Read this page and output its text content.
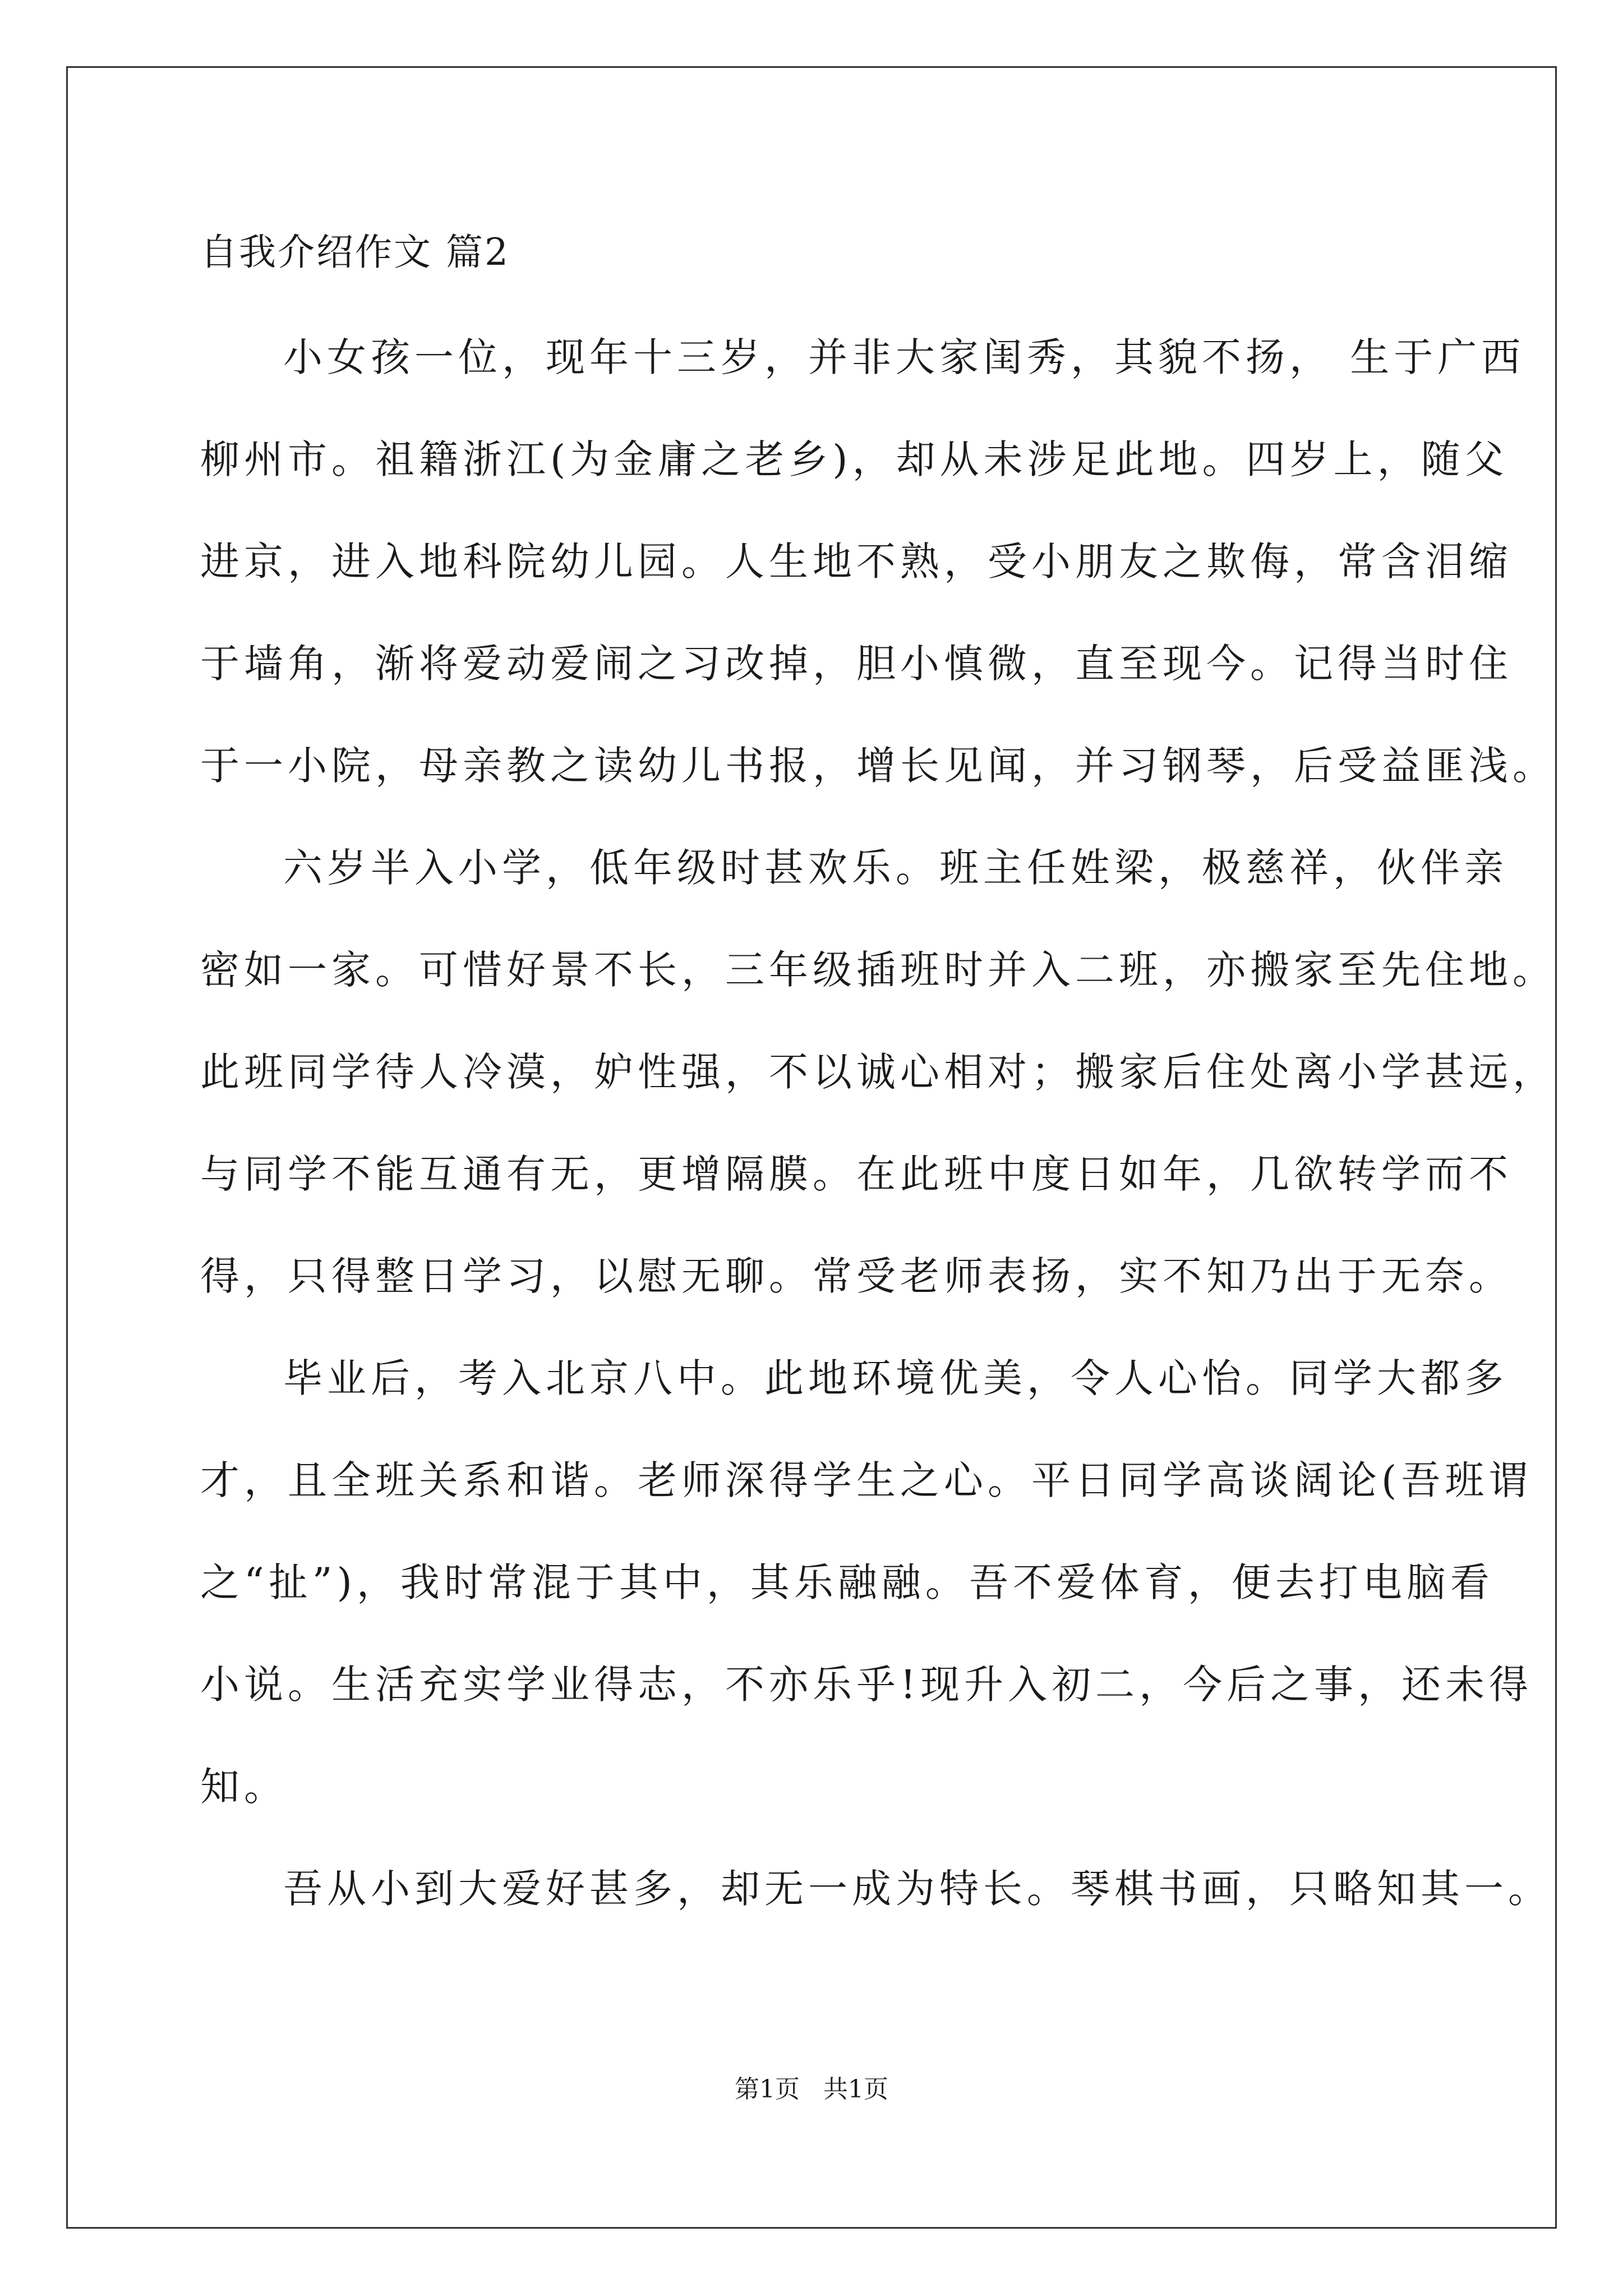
自我介绍作文 篇2
小女孩一位，现年十三岁，并非大家闺秀，其貌不扬， 生于广西
柳州市。祖籍浙江(为金庸之老乡)，却从未涉足此地。四岁上，随父
进京，进入地科院幼儿园。人生地不熟，受小朋友之欺侮，常含泪缩
于墙角，渐将爱动爱闹之习改掉，胆小慎微，直至现今。记得当时住
于一小院，母亲教之读幼儿书报，增长见闻，并习钢琴，后受益匪浅。
六岁半入小学，低年级时甚欢乐。班主任姓梁，极慈祥，伙伴亲
密如一家。可惜好景不长，三年级插班时并入二班，亦搬家至先住地。
此班同学待人冷漠，妒性强，不以诚心相对；搬家后住处离小学甚远，
与同学不能互通有无，更增隔膜。在此班中度日如年，几欲转学而不
得，只得整日学习，以慰无聊。常受老师表扬，实不知乃出于无奈。
毕业后，考入北京八中。此地环境优美，令人心怡。同学大都多
才，且全班关系和谐。老师深得学生之心。平日同学高谈阔论(吾班谓
之“扯”)，我时常混于其中，其乐融融。吾不爱体育，便去打电脑看
小说。生活充实学业得志，不亦乐乎!现升入初二，今后之事，还未得
知。
吾从小到大爱好甚多，却无一成为特长。琴棋书画，只略知其一。
第1页   共1页
